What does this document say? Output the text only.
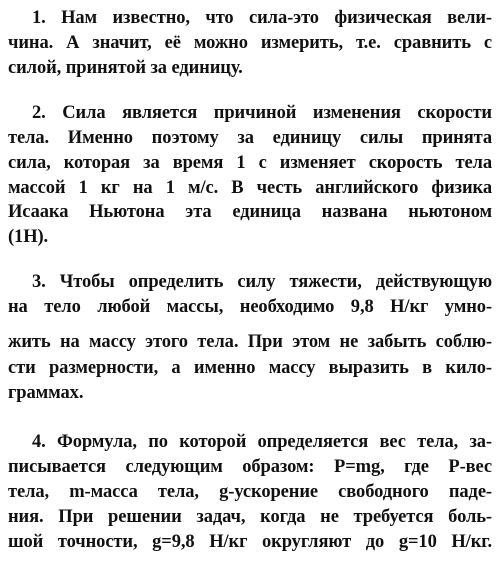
1. Нам известно, что сила-это физическая вели-
чина. А значит, её можно измерить, т.е. сравнить с
силой, принятой за единицу.
2. Сила является причиной изменения скорости
тела. Именно поэтому за единицу силы принята
сила, которая за время 1 с изменяет скорость тела
массой 1 кг на 1 м/с. В честь английского физика
Исаака Ньютона эта единица названа ньютоном
(1Н).
3. Чтобы определить силу тяжести, действующую
на тело любой массы, необходимо 9,8 Н/кг умно-
жить на массу этого тела. При этом не забыть соблю-
сти размерности, а именно массу выразить в кило-
граммах.
4. Формула, по которой определяется вес тела, за-
писывается следующим образом: P=mg, где P-вес
тела, m-масса тела, g-ускорение свободного паде-
ния. При решении задач, когда не требуется боль-
шой точности, g=9,8 Н/кг округляют до g=10 Н/кг.
